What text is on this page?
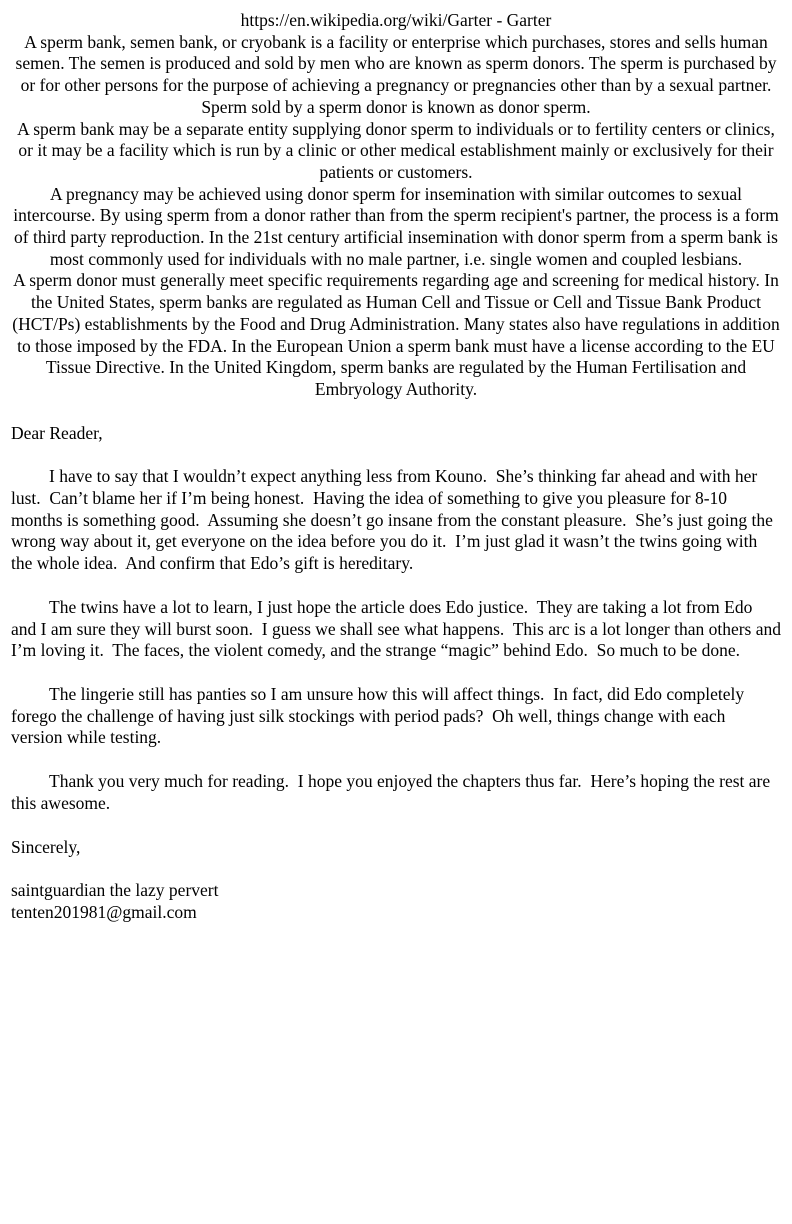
https://en.wikipedia.org/wiki/Garter - Garter

A sperm bank, semen bank, or cryobank is a facility or enterprise which purchases, stores and sells human semen. The semen is produced and sold by men who are known as sperm donors. The sperm is purchased by or for other persons for the purpose of achieving a pregnancy or pregnancies other than by a sexual partner. Sperm sold by a sperm donor is known as donor sperm.

A sperm bank may be a separate entity supplying donor sperm to individuals or to fertility centers or clinics, or it may be a facility which is run by a clinic or other medical establishment mainly or exclusively for their patients or customers.

A pregnancy may be achieved using donor sperm for insemination with similar outcomes to sexual intercourse. By using sperm from a donor rather than from the sperm recipient's partner, the process is a form of third party reproduction. In the 21st century artificial insemination with donor sperm from a sperm bank is most commonly used for individuals with no male partner, i.e. single women and coupled lesbians.

A sperm donor must generally meet specific requirements regarding age and screening for medical history. In the United States, sperm banks are regulated as Human Cell and Tissue or Cell and Tissue Bank Product (HCT/Ps) establishments by the Food and Drug Administration. Many states also have regulations in addition to those imposed by the FDA. In the European Union a sperm bank must have a license according to the EU Tissue Directive. In the United Kingdom, sperm banks are regulated by the Human Fertilisation and Embryology Authority.

Dear Reader,

I have to say that I wouldn’t expect anything less from Kouno.  She’s thinking far ahead and with her lust.  Can’t blame her if I’m being honest.  Having the idea of something to give you pleasure for 8-10 months is something good.  Assuming she doesn’t go insane from the constant pleasure.  She’s just going the wrong way about it, get everyone on the idea before you do it.  I’m just glad it wasn’t the twins going with the whole idea.  And confirm that Edo’s gift is hereditary.

The twins have a lot to learn, I just hope the article does Edo justice.  They are taking a lot from Edo and I am sure they will burst soon.  I guess we shall see what happens.  This arc is a lot longer than others and I’m loving it.  The faces, the violent comedy, and the strange “magic” behind Edo.  So much to be done.

The lingerie still has panties so I am unsure how this will affect things.  In fact, did Edo completely forego the challenge of having just silk stockings with period pads?  Oh well, things change with each version while testing.

Thank you very much for reading.  I hope you enjoyed the chapters thus far.  Here’s hoping the rest are this awesome.

Sincerely,

saintguardian the lazy pervert

tenten201981@gmail.com
